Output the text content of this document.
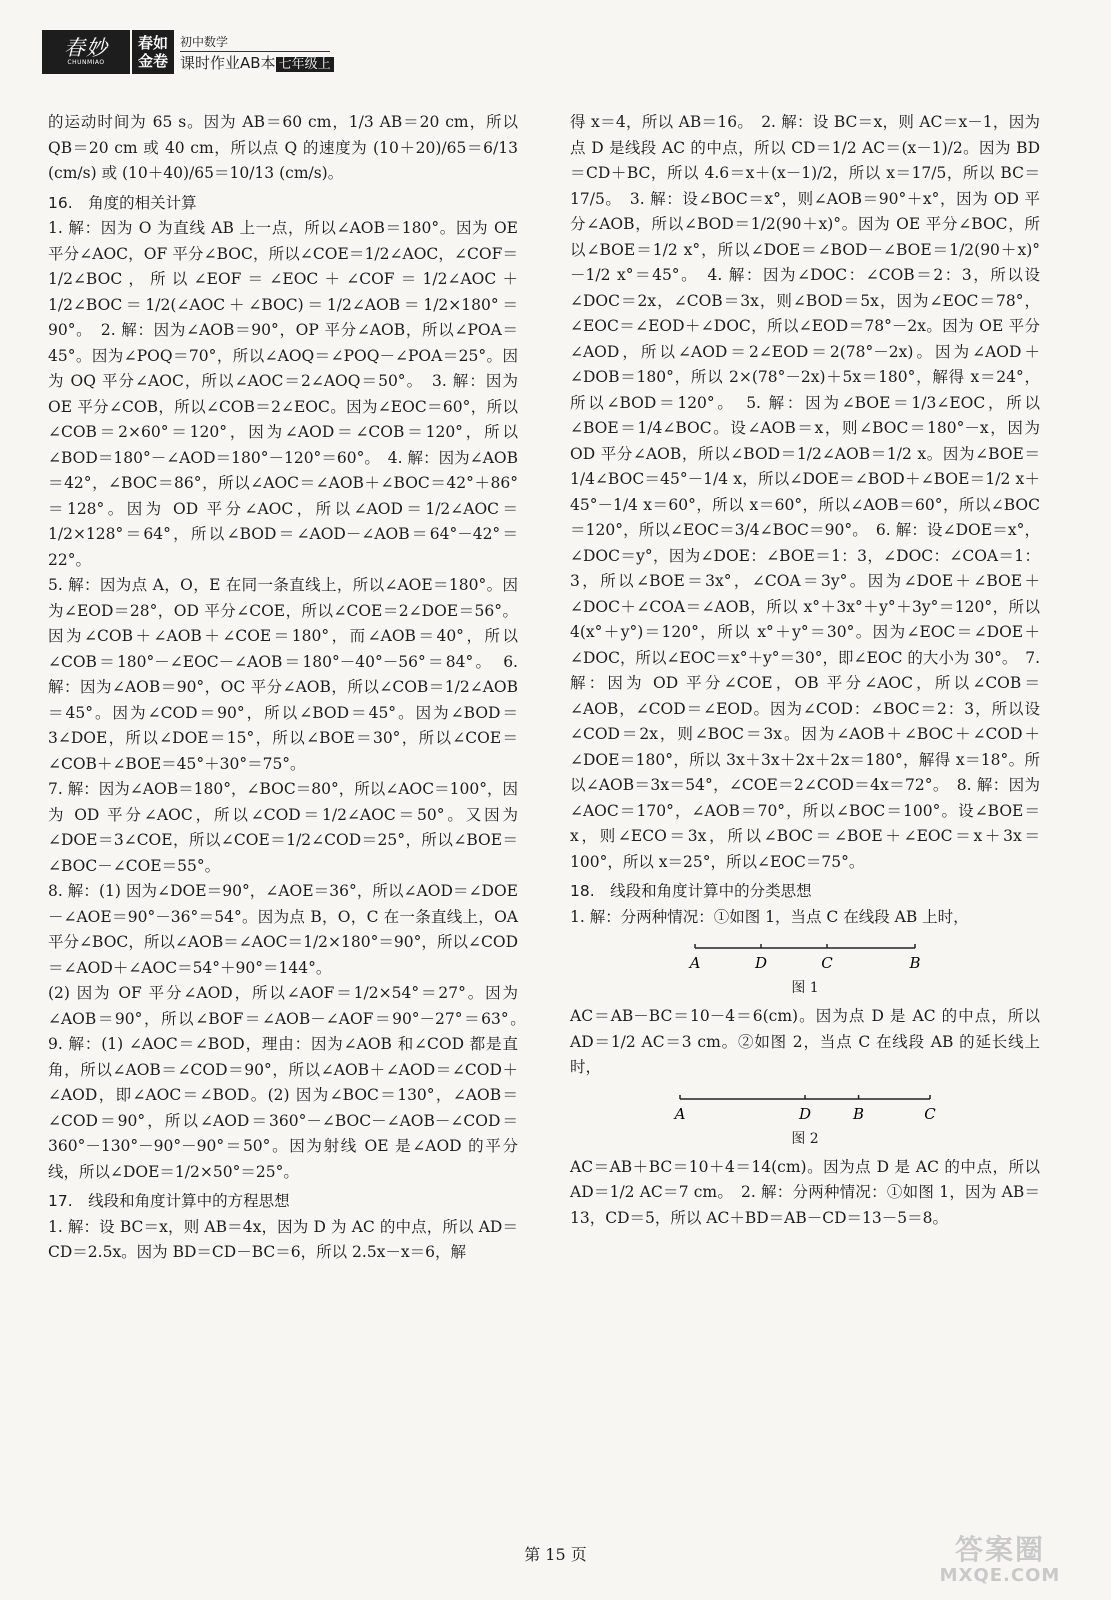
春妙
CHUNMIAO
春如
金卷
初中数学
课时作业AB本 七年级上

的运动时间为 65 s。因为 AB＝60 cm，1/3 AB＝20 cm，所以 QB＝20 cm 或 40 cm，所以点 Q 的速度为 (10＋20)/65＝6/13 (cm/s) 或 (10＋40)/65＝10/13 (cm/s)。

16.　角度的相关计算

1. 解：因为 O 为直线 AB 上一点，所以∠AOB＝180°。因为 OE 平分∠AOC，OF 平分∠BOC，所以∠COE＝1/2∠AOC，∠COF＝1/2∠BOC，所以∠EOF＝∠EOC＋∠COF＝1/2∠AOC＋1/2∠BOC＝1/2(∠AOC＋∠BOC)＝1/2∠AOB＝1/2×180°＝90°。　2. 解：因为∠AOB＝90°，OP 平分∠AOB，所以∠POA＝45°。因为∠POQ＝70°，所以∠AOQ＝∠POQ－∠POA＝25°。因为 OQ 平分∠AOC，所以∠AOC＝2∠AOQ＝50°。　3. 解：因为 OE 平分∠COB，所以∠COB＝2∠EOC。因为∠EOC＝60°，所以∠COB＝2×60°＝120°，因为∠AOD＝∠COB＝120°，所以∠BOD＝180°－∠AOD＝180°－120°＝60°。　4. 解：因为∠AOB＝42°，∠BOC＝86°，所以∠AOC＝∠AOB＋∠BOC＝42°＋86°＝128°。因为 OD 平分∠AOC，所以∠AOD＝1/2∠AOC＝1/2×128°＝64°，所以∠BOD＝∠AOD－∠AOB＝64°－42°＝22°。

5. 解：因为点 A，O，E 在同一条直线上，所以∠AOE＝180°。因为∠EOD＝28°，OD 平分∠COE，所以∠COE＝2∠DOE＝56°。因为∠COB＋∠AOB＋∠COE＝180°，而∠AOB＝40°，所以∠COB＝180°－∠EOC－∠AOB＝180°－40°－56°＝84°。　6. 解：因为∠AOB＝90°，OC 平分∠AOB，所以∠COB＝1/2∠AOB＝45°。因为∠COD＝90°，所以∠BOD＝45°。因为∠BOD＝3∠DOE，所以∠DOE＝15°，所以∠BOE＝30°，所以∠COE＝∠COB＋∠BOE＝45°＋30°＝75°。

7. 解：因为∠AOB＝180°，∠BOC＝80°，所以∠AOC＝100°，因为 OD 平分∠AOC，所以∠COD＝1/2∠AOC＝50°。又因为∠DOE＝3∠COE，所以∠COE＝1/2∠COD＝25°，所以∠BOE＝∠BOC－∠COE＝55°。

8. 解：(1) 因为∠DOE＝90°，∠AOE＝36°，所以∠AOD＝∠DOE－∠AOE＝90°－36°＝54°。因为点 B，O，C 在一条直线上，OA 平分∠BOC，所以∠AOB＝∠AOC＝1/2×180°＝90°，所以∠COD＝∠AOD＋∠AOC＝54°＋90°＝144°。

(2) 因为 OF 平分∠AOD，所以∠AOF＝1/2×54°＝27°。因为∠AOB＝90°，所以∠BOF＝∠AOB－∠AOF＝90°－27°＝63°。　9. 解：(1) ∠AOC＝∠BOD，理由：因为∠AOB 和∠COD 都是直角，所以∠AOB＝∠COD＝90°，所以∠AOB＋∠AOD＝∠COD＋∠AOD，即∠AOC＝∠BOD。(2) 因为∠BOC＝130°，∠AOB＝∠COD＝90°，所以∠AOD＝360°－∠BOC－∠AOB－∠COD＝360°－130°－90°－90°＝50°。因为射线 OE 是∠AOD 的平分线，所以∠DOE＝1/2×50°＝25°。

17.　线段和角度计算中的方程思想

1. 解：设 BC＝x，则 AB＝4x，因为 D 为 AC 的中点，所以 AD＝CD＝2.5x。因为 BD＝CD－BC＝6，所以 2.5x－x＝6，解

得 x＝4，所以 AB＝16。　2. 解：设 BC＝x，则 AC＝x－1，因为点 D 是线段 AC 的中点，所以 CD＝1/2 AC＝(x－1)/2。因为 BD＝CD＋BC，所以 4.6＝x＋(x－1)/2，所以 x＝17/5，所以 BC＝17/5。　3. 解：设∠BOC＝x°，则∠AOB＝90°＋x°，因为 OD 平分∠AOB，所以∠BOD＝1/2(90＋x)°。因为 OE 平分∠BOC，所以∠BOE＝1/2 x°，所以∠DOE＝∠BOD－∠BOE＝1/2(90＋x)°－1/2 x°＝45°。　4. 解：因为∠DOC：∠COB＝2：3，所以设∠DOC＝2x，∠COB＝3x，则∠BOD＝5x，因为∠EOC＝78°，∠EOC＝∠EOD＋∠DOC，所以∠EOD＝78°－2x。因为 OE 平分∠AOD，所以∠AOD＝2∠EOD＝2(78°－2x)。因为∠AOD＋∠DOB＝180°，所以 2×(78°－2x)＋5x＝180°，解得 x＝24°，所以∠BOD＝120°。　5. 解：因为∠BOE＝1/3∠EOC，所以∠BOE＝1/4∠BOC。设∠AOB＝x，则∠BOC＝180°－x，因为 OD 平分∠AOB，所以∠BOD＝1/2∠AOB＝1/2 x。因为∠BOE＝1/4∠BOC＝45°－1/4 x，所以∠DOE＝∠BOD＋∠BOE＝1/2 x＋45°－1/4 x＝60°，所以 x＝60°，所以∠AOB＝60°，所以∠BOC＝120°，所以∠EOC＝3/4∠BOC＝90°。　6. 解：设∠DOE＝x°，∠DOC＝y°，因为∠DOE：∠BOE＝1：3，∠DOC：∠COA＝1：3，所以∠BOE＝3x°，∠COA＝3y°。因为∠DOE＋∠BOE＋∠DOC＋∠COA＝∠AOB，所以 x°＋3x°＋y°＋3y°＝120°，所以 4(x°＋y°)＝120°，所以 x°＋y°＝30°。因为∠EOC＝∠DOE＋∠DOC，所以∠EOC＝x°＋y°＝30°，即∠EOC 的大小为 30°。　7. 解：因为 OD 平分∠COE，OB 平分∠AOC，所以∠COB＝∠AOB，∠COD＝∠EOD。因为∠COD：∠BOC＝2：3，所以设∠COD＝2x，则∠BOC＝3x。因为∠AOB＋∠BOC＋∠COD＋∠DOE＝180°，所以 3x＋3x＋2x＋2x＝180°，解得 x＝18°。所以∠AOB＝3x＝54°，∠COE＝2∠COD＝4x＝72°。　8. 解：因为∠AOC＝170°，∠AOB＝70°，所以∠BOC＝100°。设∠BOE＝x，则∠ECO＝3x，所以∠BOC＝∠BOE＋∠EOC＝x＋3x＝100°，所以 x＝25°，所以∠EOC＝75°。

18.　线段和角度计算中的分类思想

1. 解：分两种情况：①如图 1，当点 C 在线段 AB 上时，

A	D	C	B
图 1

AC＝AB－BC＝10－4＝6(cm)。因为点 D 是 AC 的中点，所以 AD＝1/2 AC＝3 cm。②如图 2，当点 C 在线段 AB 的延长线上时，

A	D	B	C
图 2

AC＝AB＋BC＝10＋4＝14(cm)。因为点 D 是 AC 的中点，所以 AD＝1/2 AC＝7 cm。　2. 解：分两种情况：①如图 1，因为 AB＝13，CD＝5，所以 AC＋BD＝AB－CD＝13－5＝8。

第 15 页	答案圈
MXQE.COM
